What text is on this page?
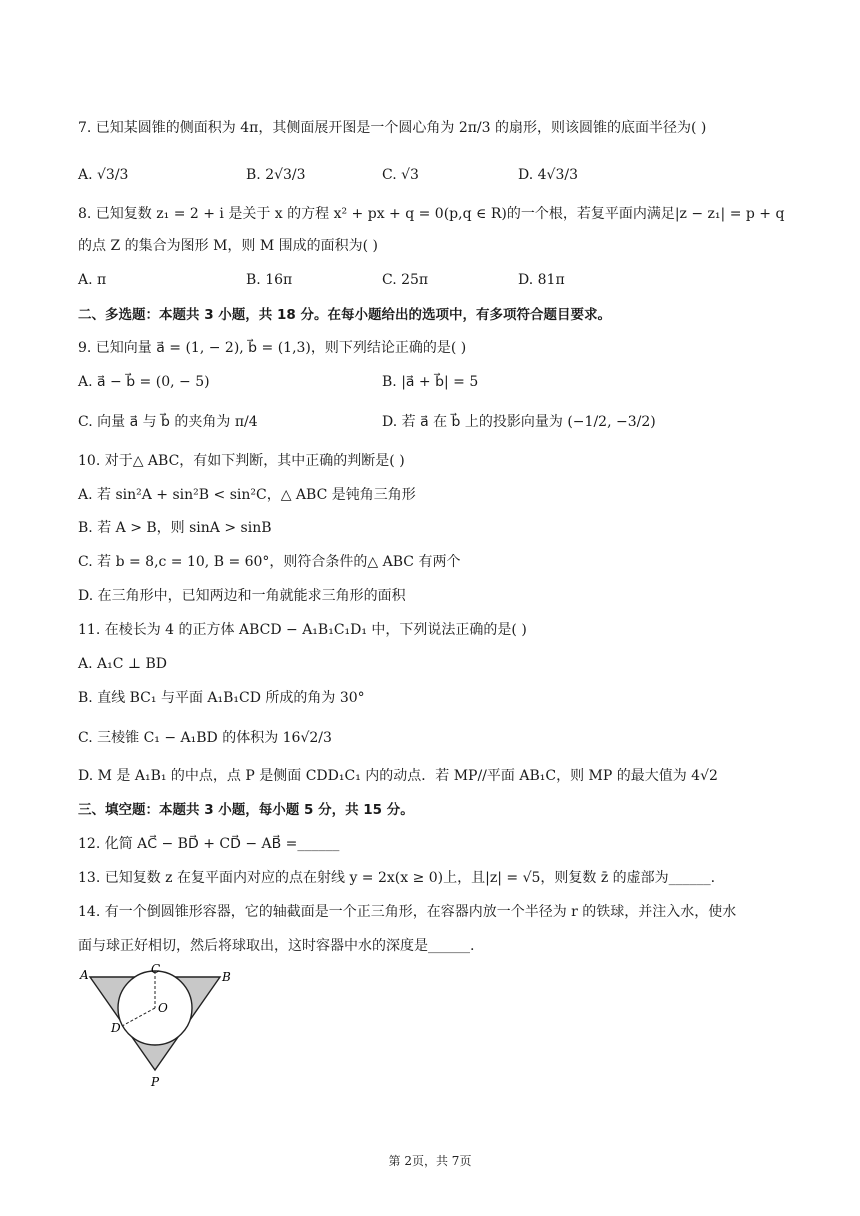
7. 已知某圆锥的侧面积为 4π，其侧面展开图是一个圆心角为 2π/3 的扇形，则该圆锥的底面半径为( )
A. √3/3	B. 2√3/3	C. √3	D. 4√3/3
8. 已知复数 z₁ = 2 + i 是关于 x 的方程 x² + px + q = 0(p,q ∈ R)的一个根，若复平面内满足|z − z₁| = p + q
的点 Z 的集合为图形 M，则 M 围成的面积为( )
A. π	B. 16π	C. 25π	D. 81π
二、多选题：本题共 3 小题，共 18 分。在每小题给出的选项中，有多项符合题目要求。
9. 已知向量 a⃗ = (1, − 2), b⃗ = (1,3)，则下列结论正确的是( )
A. a⃗ − b⃗ = (0, − 5)	B. |a⃗ + b⃗| = 5
C. 向量 a⃗ 与 b⃗ 的夹角为 π/4	D. 若 a⃗ 在 b⃗ 上的投影向量为 (−1/2, −3/2)
10. 对于△ ABC，有如下判断，其中正确的判断是( )
A. 若 sin²A + sin²B < sin²C，△ ABC 是钝角三角形
B. 若 A > B，则 sinA > sinB
C. 若 b = 8,c = 10, B = 60°，则符合条件的△ ABC 有两个
D. 在三角形中，已知两边和一角就能求三角形的面积
11. 在棱长为 4 的正方体 ABCD − A₁B₁C₁D₁ 中，下列说法正确的是( )
A. A₁C ⊥ BD
B. 直线 BC₁ 与平面 A₁B₁CD 所成的角为 30°
C. 三棱锥 C₁ − A₁BD 的体积为 16√2/3
D. M 是 A₁B₁ 的中点，点 P 是侧面 CDD₁C₁ 内的动点．若 MP//平面 AB₁C，则 MP 的最大值为 4√2
三、填空题：本题共 3 小题，每小题 5 分，共 15 分。
12. 化简 AC⃗ − BD⃗ + CD⃗ − AB⃗ =______
13. 已知复数 z 在复平面内对应的点在射线 y = 2x(x ≥ 0)上，且|z| = √5，则复数 z̄ 的虚部为______.
14. 有一个倒圆锥形容器，它的轴截面是一个正三角形，在容器内放一个半径为 r 的铁球，并注入水，使水
面与球正好相切，然后将球取出，这时容器中水的深度是______.
A	C
B
O
D
P
第 2页，共 7页
